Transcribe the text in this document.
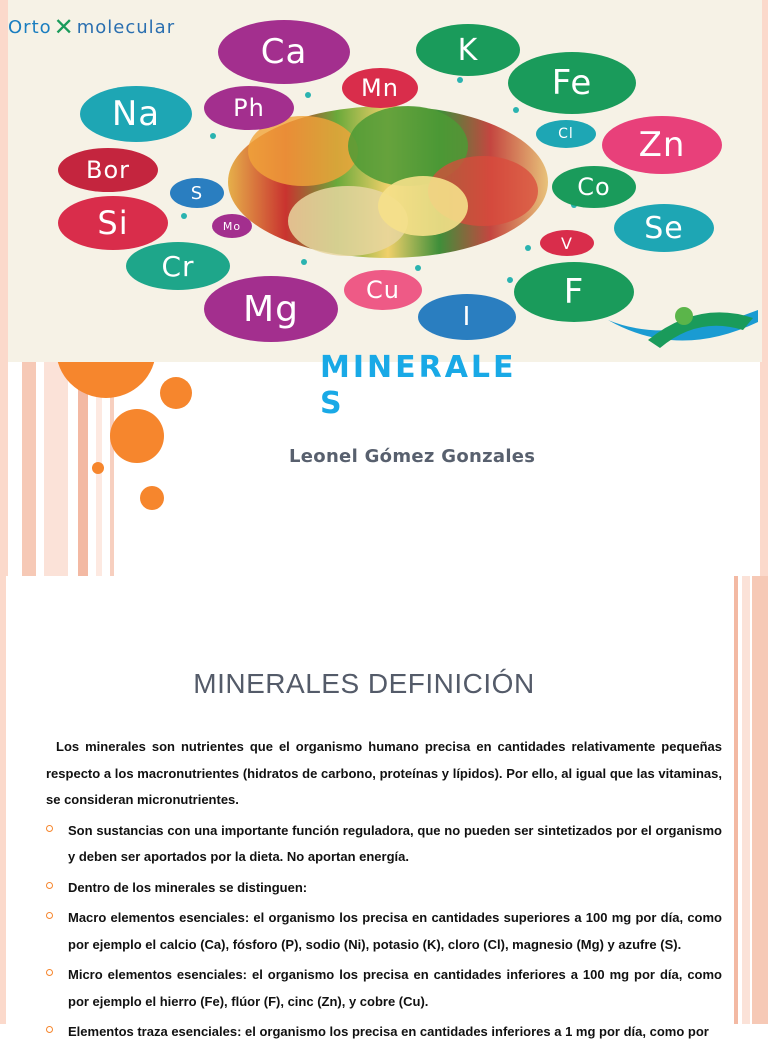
Orto ✕ molecular
Ca	K
Mn
Ph
Na
Fe
Cl Zn
Bor
S	Co
Si	Mo	Se
V
Cr
Cu	F
Mg	I
MINERALE S
Leonel Gómez Gonzales
MINERALES DEFINICIÓN

Los minerales son nutrientes que el organismo humano precisa en cantidades relativamente pequeñas respecto a los macronutrientes (hidratos de carbono, proteínas y lípidos). Por ello, al igual que las vitaminas, se consideran micronutrientes.

Son sustancias con una importante función reguladora, que no pueden ser sintetizados por el organismo y deben ser aportados por la dieta. No aportan energía.
Dentro de los minerales se distinguen:
Macro elementos esenciales: el organismo los precisa en cantidades superiores a 100 mg por día, como por ejemplo el calcio (Ca), fósforo (P), sodio (Ni), potasio (K), cloro (Cl), magnesio (Mg) y azufre (S).
Micro elementos esenciales: el organismo los precisa en cantidades inferiores a 100 mg por día, como por ejemplo el hierro (Fe), flúor (F), cinc (Zn), y cobre (Cu).
Elementos traza esenciales: el organismo los precisa en cantidades inferiores a 1 mg por día, como por
